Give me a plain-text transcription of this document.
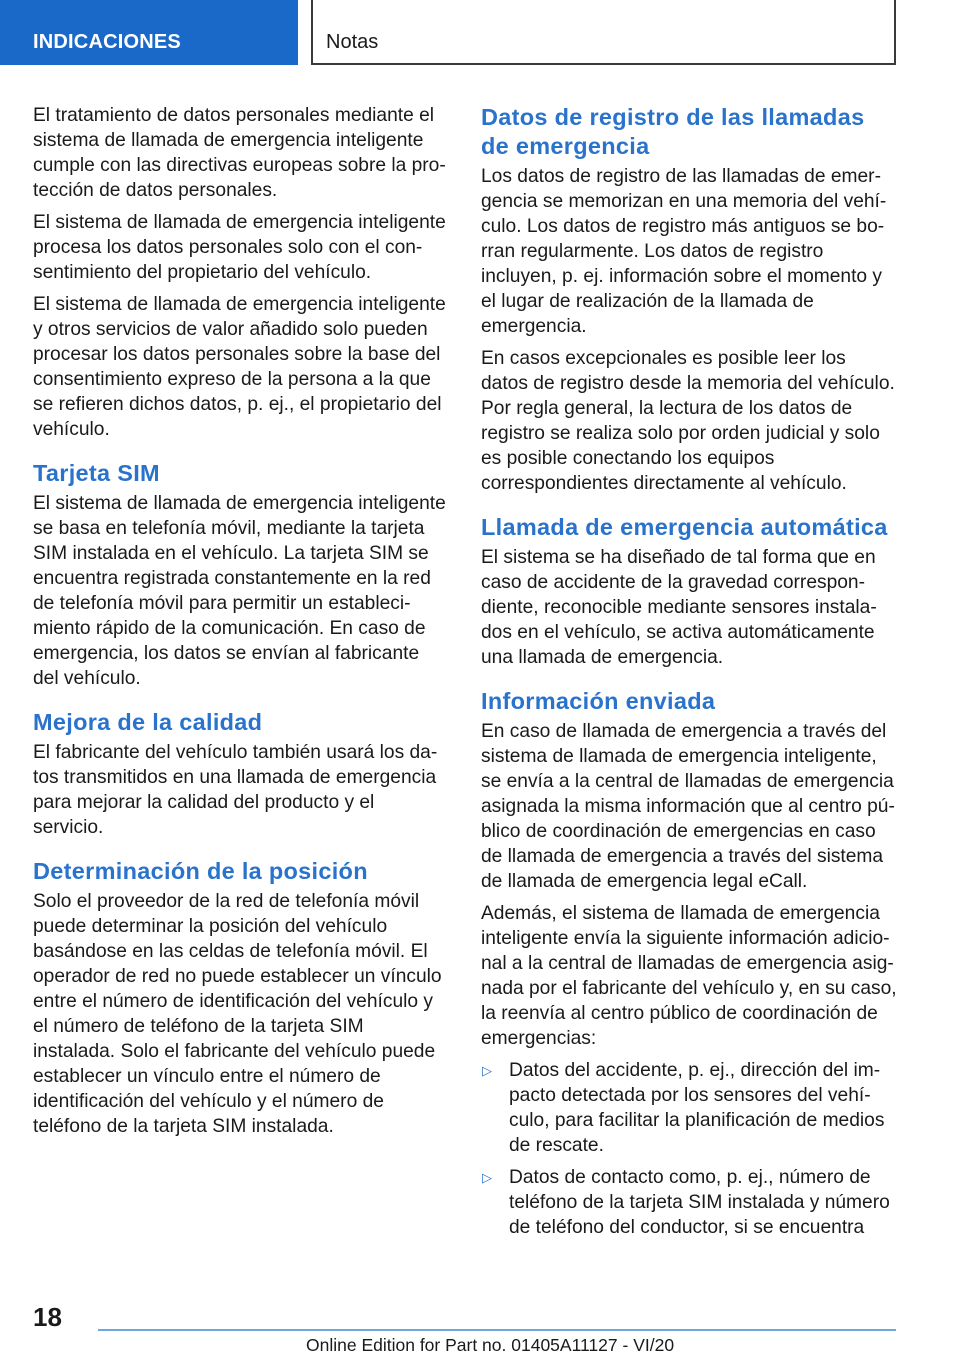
INDICACIONES	Notas

El tratamiento de datos personales mediante el sistema de llamada de emergencia inteligente cumple con las directivas europeas sobre la protección de datos personales.

El sistema de llamada de emergencia inteligente procesa los datos personales solo con el consentimiento del propietario del vehículo.

El sistema de llamada de emergencia inteligente y otros servicios de valor añadido solo pueden procesar los datos personales sobre la base del consentimiento expreso de la persona a la que se refieren dichos datos, p. ej., el propietario del vehículo.

Tarjeta SIM

El sistema de llamada de emergencia inteligente se basa en telefonía móvil, mediante la tarjeta SIM instalada en el vehículo. La tarjeta SIM se encuentra registrada constantemente en la red de telefonía móvil para permitir un establecimiento rápido de la comunicación. En caso de emergencia, los datos se envían al fabricante del vehículo.

Mejora de la calidad

El fabricante del vehículo también usará los datos transmitidos en una llamada de emergencia para mejorar la calidad del producto y el servicio.

Determinación de la posición

Solo el proveedor de la red de telefonía móvil puede determinar la posición del vehículo basándose en las celdas de telefonía móvil. El operador de red no puede establecer un vínculo entre el número de identificación del vehículo y el número de teléfono de la tarjeta SIM instalada. Solo el fabricante del vehículo puede establecer un vínculo entre el número de identificación del vehículo y el número de teléfono de la tarjeta SIM instalada.

Datos de registro de las llamadas de emergencia

Los datos de registro de las llamadas de emergencia se memorizan en una memoria del vehículo. Los datos de registro más antiguos se borran regularmente. Los datos de registro incluyen, p. ej. información sobre el momento y el lugar de realización de la llamada de emergencia.

En casos excepcionales es posible leer los datos de registro desde la memoria del vehículo. Por regla general, la lectura de los datos de registro se realiza solo por orden judicial y solo es posible conectando los equipos correspondientes directamente al vehículo.

Llamada de emergencia automática

El sistema se ha diseñado de tal forma que en caso de accidente de la gravedad correspondiente, reconocible mediante sensores instalados en el vehículo, se activa automáticamente una llamada de emergencia.

Información enviada

En caso de llamada de emergencia a través del sistema de llamada de emergencia inteligente, se envía a la central de llamadas de emergencia asignada la misma información que al centro público de coordinación de emergencias en caso de llamada de emergencia a través del sistema de llamada de emergencia legal eCall.

Además, el sistema de llamada de emergencia inteligente envía la siguiente información adicional a la central de llamadas de emergencia asignada por el fabricante del vehículo y, en su caso, la reenvía al centro público de coordinación de emergencias:

▷ Datos del accidente, p. ej., dirección del impacto detectada por los sensores del vehículo, para facilitar la planificación de medios de rescate.
▷ Datos de contacto como, p. ej., número de teléfono de la tarjeta SIM instalada y número de teléfono del conductor, si se encuentra
18
Online Edition for Part no. 01405A11127 - VI/20
